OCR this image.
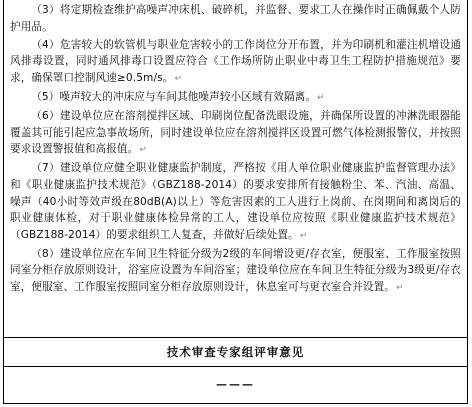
（3）将定期检查维护高噪声冲床机、破碎机，并监督、要求工人在操作时正确佩戴个人防护用品。

（4）危害较大的软管机与职业危害较小的工作岗位分开布置，并为印刷机和灌注机增设通风排毒设置，同时通风排毒口设置应符合《工作场所防止职业中毒卫生工程防护措施规范》要求，确保罩口控制风速≥0.5m/s。↵

（5）噪声较大的冲床应与车间其他噪声较小区域有效隔离。↵

（6）建设单位应在溶剂搅拌区域、印刷岗位配备洗眼设施，并确保所设置的冲淋洗眼器能覆盖其可能引起应急事故场所，同时建设单位应在溶剂搅拌区设置可燃气体检测报警仪，并按照要求设置警报值和高报值。↵

（7）建设单位应健全职业健康监护制度，严格按《用人单位职业健康监护监督管理办法》和《职业健康监护技术规范》（GBZ188-2014）的要求安排所有接触粉尘、苯、汽油、高温、噪声（40小时等效声级在80dB(A)以上）等危害因素的工人进行上岗前、在岗期间和离岗后的职业健康体检，对于职业健康体检异常的工人，建设单位应按照《职业健康监护技术规范》（GBZ188-2014）的要求组织工人复查，并做好后续处置。↵

（8）建设单位应在车间卫生特征分级为2级的车间增设更/存衣室，便服室、工作服室按照同室分柜存放原则设计，浴室应设置为车间浴室；建设单位应在车间卫生特征分级为3级更/存衣室，便服室、工作服室按照同室分柜存放原则设计，休息室可与更衣室合并设置。↵

技术审查专家组评审意见
———
